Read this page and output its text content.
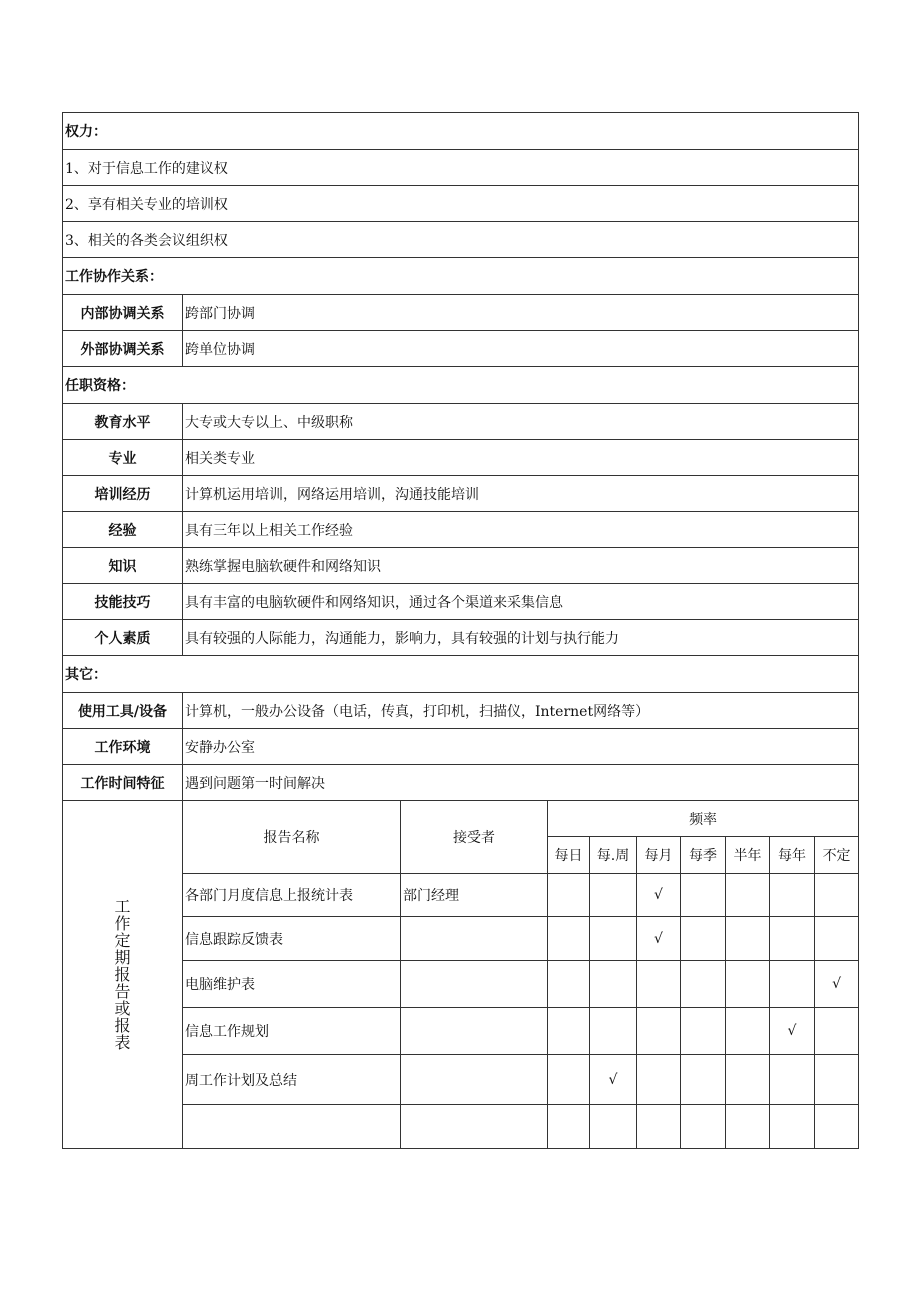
权力：									
1、对于信息工作的建议权									
2、享有相关专业的培训权									
3、相关的各类会议组织权									
工作协作关系：									
内部协调关系	跨部门协调								
外部协调关系	跨单位协调								
任职资格：									
教育水平	大专或大专以上、中级职称								
专业	相关类专业								
培训经历	计算机运用培训，网络运用培训，沟通技能培训								
经验	具有三年以上相关工作经验								
知识	熟练掌握电脑软硬件和网络知识								
技能技巧	具有丰富的电脑软硬件和网络知识，通过各个渠道来采集信息								
个人素质	具有较强的人际能力，沟通能力，影响力，具有较强的计划与执行能力								
其它：									
使用工具/设备	计算机，一般办公设备（电话，传真，打印机，扫描仪，Internet网络等）								
工作环境	安静办公室								
工作时间特征	遇到问题第一时间解决								
工作定期报告或报表	报告名称	接受者	频率						
			每日	每.周	每月	每季	半年	每年	不定
	各部门月度信息上报统计表	部门经理			√				
	信息跟踪反馈表				√				
	电脑维护表								√
	信息工作规划							√	
	周工作计划及总结			√					
